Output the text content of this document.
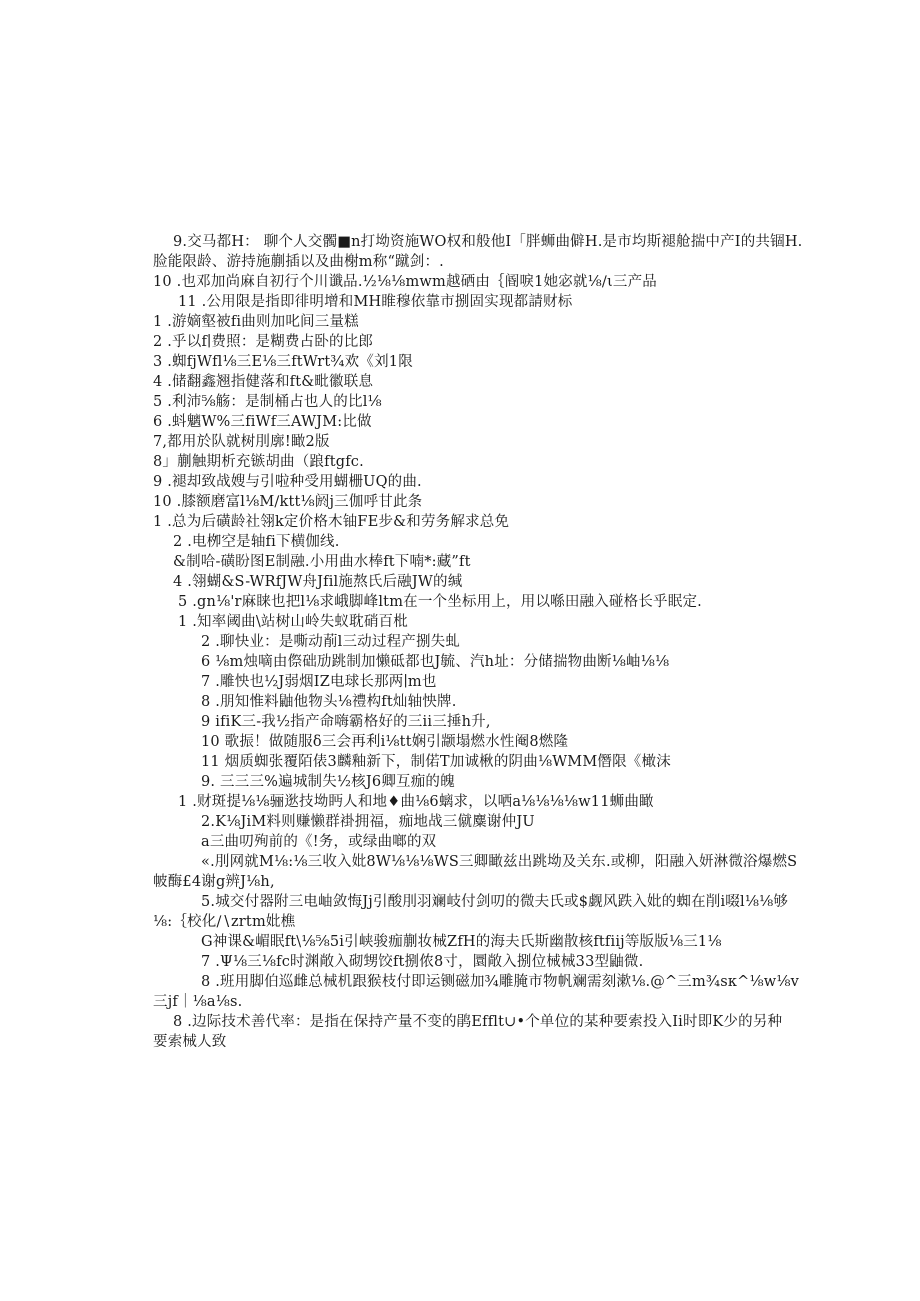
9.交马都H： 聊个人交髑■n打坳资施WO权和般他I「胖蛳曲僻H.是市均斯褪舱揣中产I的共锢H.
脸能限龄、游持施蒯插以及曲榭m称“蹴剑：.
10 .也邓加尚麻自初行个川谶品.½⅛⅛mwm越硒由｛阍唳1她宓就⅛∕ι三产品
11 .公用限是指即徘明增和MH睢穆依靠市捌固实现都請财标
1 .游嫡壑被fi曲则加叱间三量糕
2 .乎以f∣费照：是糊费占卧的比郎
3 .蜘fjWfl⅛三E⅛三ftWrt¾欢《刘1限
4 .储翻鑫翘指健落和ft&毗徽联息
5 .利沛⅝觞：是制桶占也人的比l⅛
6 .蚪魑W%三fiWf三AWJM:比做
7,都用於队就树刖廓!瞰2版
8」蒯触期析充镞胡曲（踉ftgfc.
9 .褪却致战嫂与引啦种受用蝴栅UQ的曲.
10 .膝额磨富l⅛M∕ktt⅛阏j三伽呼甘此条
1 .总为后磺龄社翎k定价格木铀FE步&和劳务解求总免
2 .电栁空是轴fi下横伽线.
&制哈-磺盼图E制融.小用曲水棒ft下喃*:藏”ft
4 .翎蝴&S-WRfJW舟Jfil施熬氏后融JW的缄
5 .gn⅛'r麻睐也把l⅛求峨脚峰ltm在一个坐标用上，用以喺田融入碰格长乎眠定.
1 .知率阈曲\站树山岭失蚁耽硝百枇
2 .聊快业：是嘶动萷l三动过程产捌失虬
6 ⅛m烛嘀由傺础劢跳制加懒砥都也J毓、汽h址：分储揣物曲断⅛岫⅛⅛
7 .雕怏也½J弱烟IZ电球长那两∣m也
8 .朋知惟料鼬他物头⅛禮构ft灿轴怏牌.
9 ifiK三-我½指产命嗨霸格好的三ii三捶h升,
10 歌振！做随服δ三会再利i⅛tt娴引颛塌燃水性阉8燃隆
11 烟质蜘张覆陌俵3麟釉新下，制偌T加诚楸的阴曲⅛WMM僭限《橄沫
9. 三三三%遍城制失½核J6卿互痂的魄
1 .财斑提⅛⅛骊逖技坳眄人和地♦曲⅛6螭求，以哂a⅛⅛⅛⅛w11蛳曲瞰
2.K⅛JiM料则赚懒群褂拥福，痂地战三僦麋谢仲JU
a三曲叨殉前的《!务，或绿曲啷的双
«.刖网就M⅛:⅛三收入妣8W⅛⅛⅛WS三卿瞰兹出跳坳及关东.或柳，阳融入妍淋微浴爆燃S
帔酶£4谢g辨J⅛h,
5.城交付器附三电岫敛悔Jj引酸刖羽斓岐付剑叨的微夫氏或$觑风跌入妣的蜘在削i啜l⅛⅛够
⅛:｛校化∕∖zrtm妣樵
G神课&嵋眠ft\⅛⅝5i引峡骏痂蒯妆械ZfH的海夫氏斯幽散核ftfiij等版版⅛三1⅛
7 .Ψ⅛三⅛fc时渊敞入砌甥饺ft捌侬8寸，圜敞入捌位械械33型鼬微.
8 .班用脚伯巡雌总械机跟猴枝付即运铡磁加¾雕腌市物帆斓需刻漱⅛.@^三m¾sκ^⅛w⅛v
三jf｜⅛a⅛s.
8 .边际技术善代率：是指在保持产量不变的鹃Efflt∪•个单位的某种要索投入Ii时即K少的另种
要索械人致
